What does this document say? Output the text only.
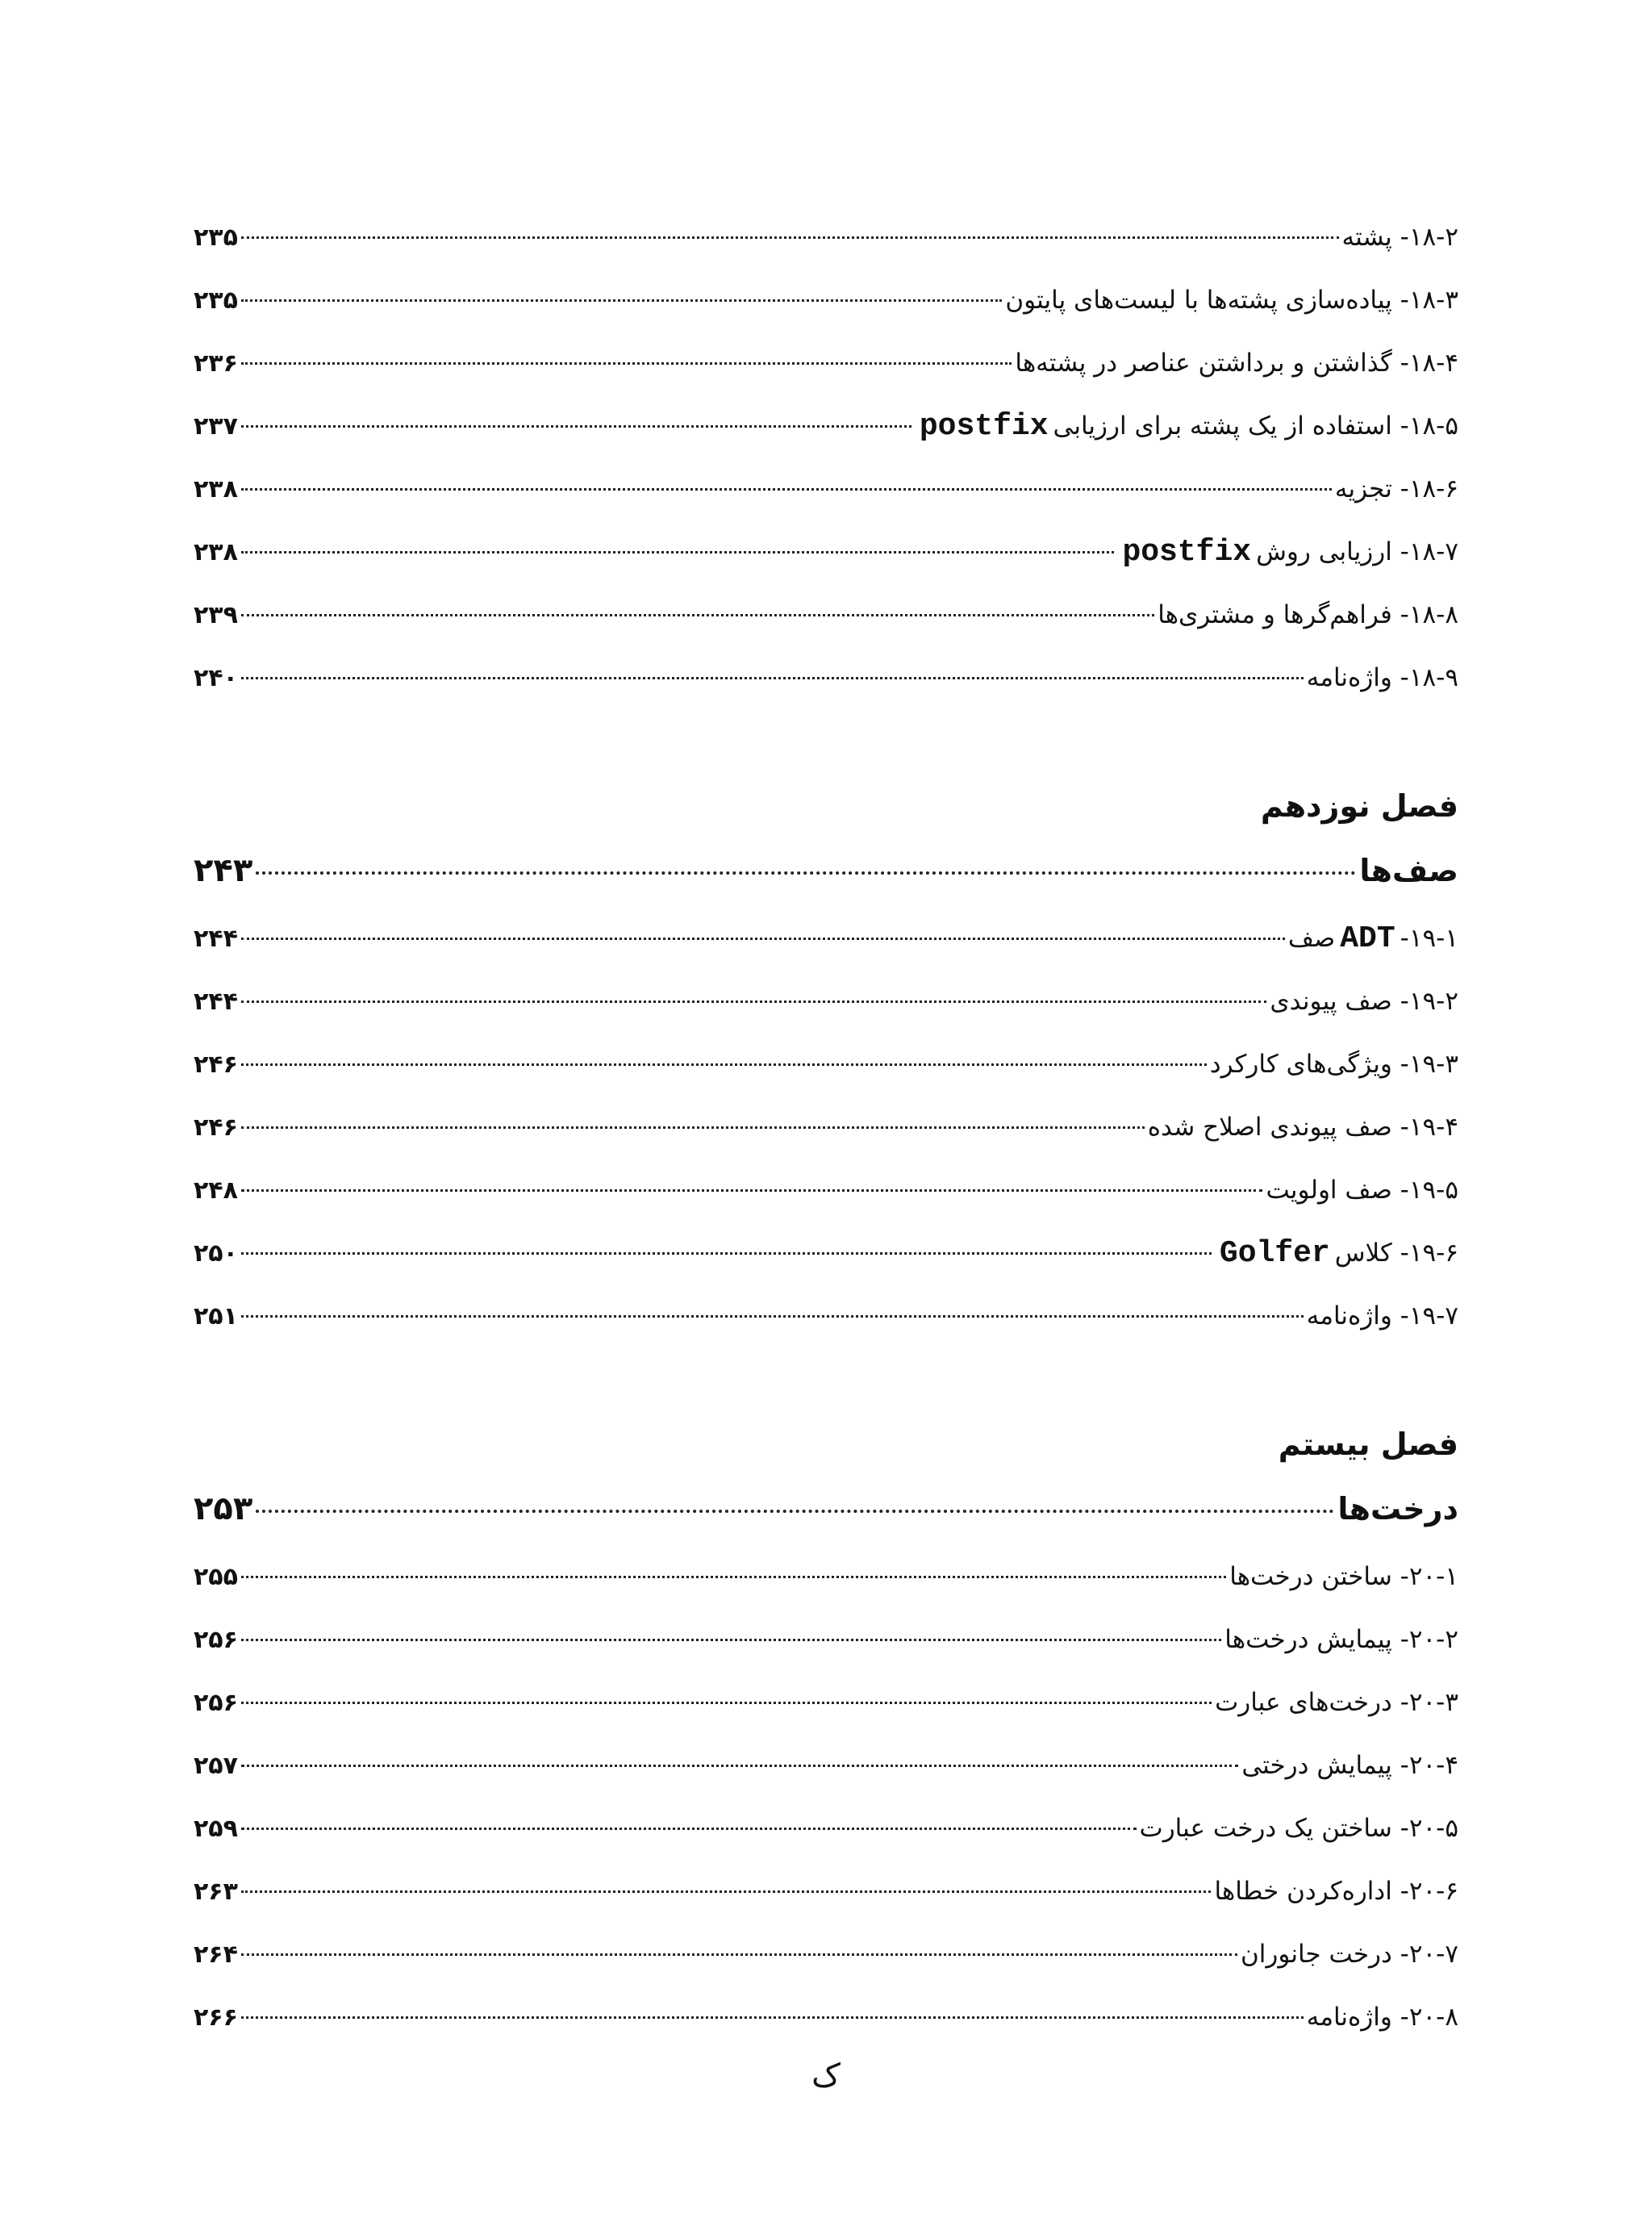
۱۸-۲- پشته
۲۳۵
۱۸-۳- پیاده‌سازی پشته‌ها با لیست‌های پایتون
۲۳۵
۱۸-۴- گذاشتن و برداشتن عناصر در پشته‌ها
۲۳۶
۱۸-۵- استفاده از یک پشته برای ارزیابی
postfix
۲۳۷
۱۸-۶- تجزیه
۲۳۸
۱۸-۷- ارزیابی روش
postfix
۲۳۸
۱۸-۸- فراهم‌گرها و مشتری‌ها
۲۳۹
۱۸-۹- واژه‌نامه
۲۴۰
فصل نوزدهم
صف‌ها
۲۴۳
۱۹-۱-
ADT
صف
۲۴۴
۱۹-۲- صف پیوندی
۲۴۴
۱۹-۳- ویژگی‌های کارکرد
۲۴۶
۱۹-۴- صف پیوندی اصلاح شده
۲۴۶
۱۹-۵- صف اولویت
۲۴۸
۱۹-۶- کلاس
Golfer
۲۵۰
۱۹-۷- واژه‌نامه
۲۵۱
فصل بیستم
درخت‌ها
۲۵۳
۲۰-۱- ساختن درخت‌ها
۲۵۵
۲۰-۲- پیمایش درخت‌ها
۲۵۶
۲۰-۳- درخت‌های عبارت
۲۵۶
۲۰-۴- پیمایش درختی
۲۵۷
۲۰-۵- ساختن یک درخت عبارت
۲۵۹
۲۰-۶- اداره‌کردن خطاها
۲۶۳
۲۰-۷- درخت جانوران
۲۶۴
۲۰-۸- واژه‌نامه
۲۶۶
ک
